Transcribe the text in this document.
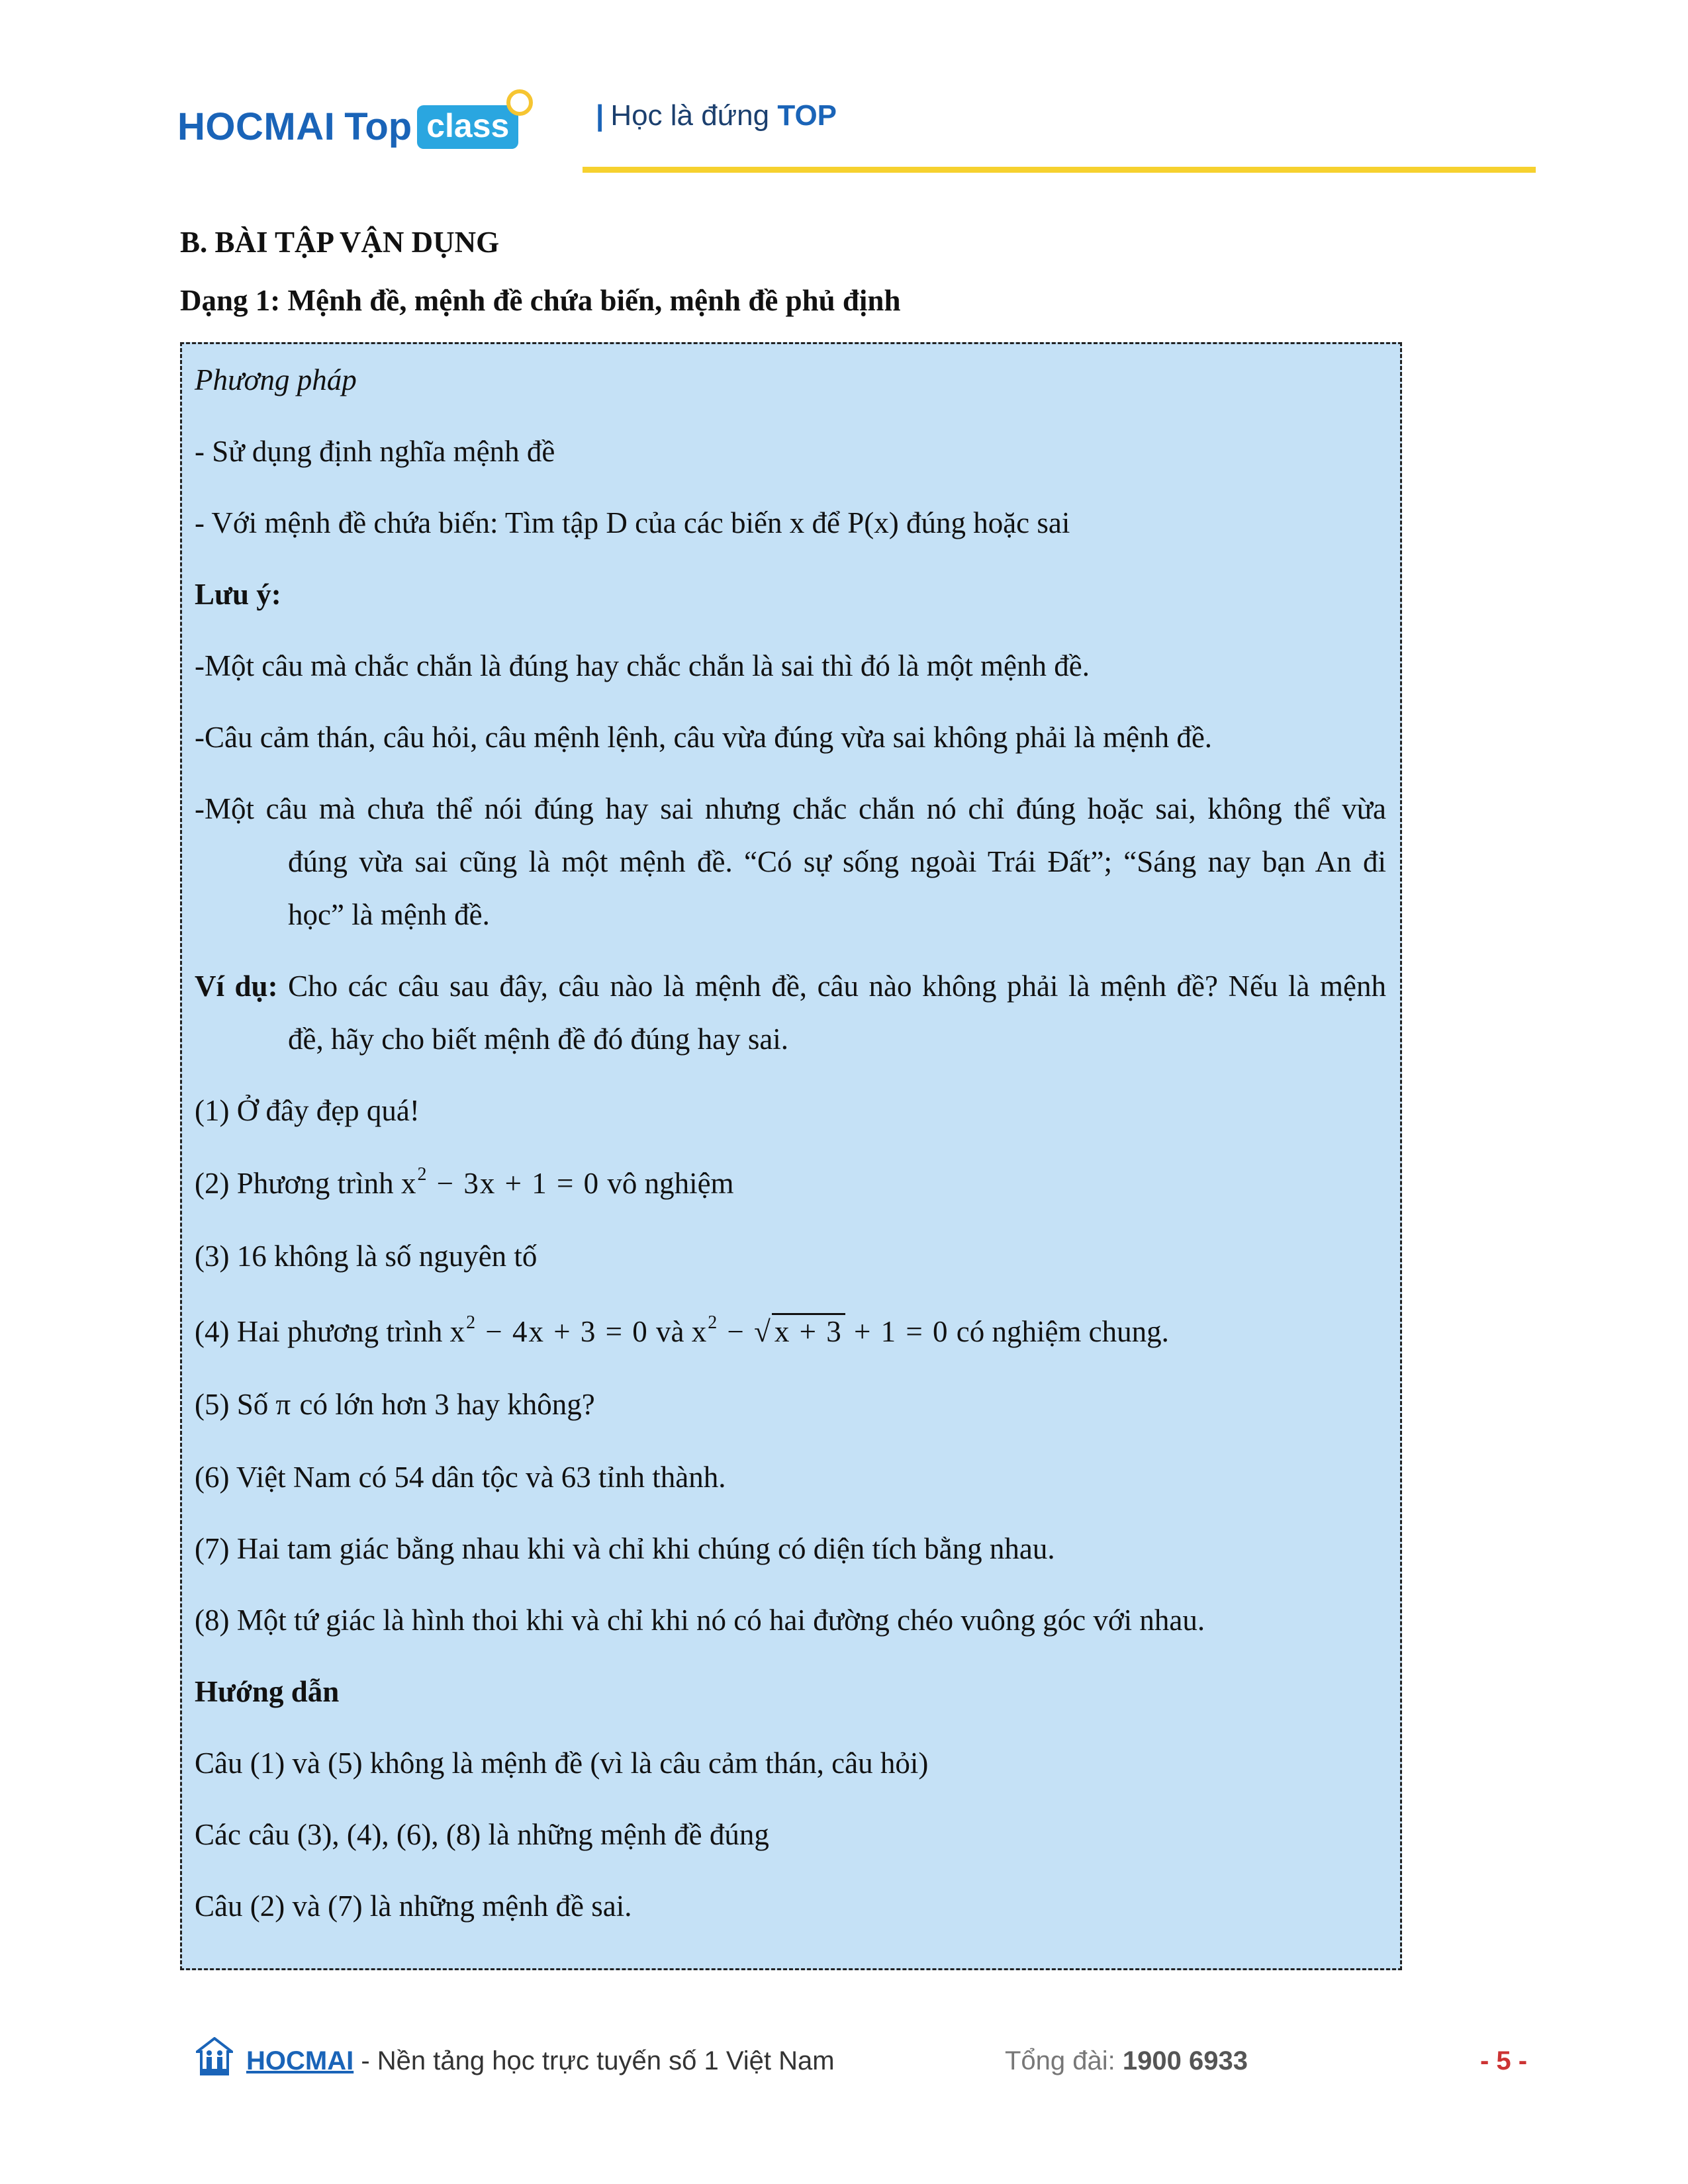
HOCMAI Top class	| Học là đứng TOP
B. BÀI TẬP VẬN DỤNG
Dạng 1: Mệnh đề, mệnh đề chứa biến, mệnh đề phủ định
Phương pháp
- Sử dụng định nghĩa mệnh đề
- Với mệnh đề chứa biến: Tìm tập D của các biến x để P(x) đúng hoặc sai
Lưu ý:
-Một câu mà chắc chắn là đúng hay chắc chắn là sai thì đó là một mệnh đề.
-Câu cảm thán, câu hỏi, câu mệnh lệnh, câu vừa đúng vừa sai không phải là mệnh đề.
-Một câu mà chưa thể nói đúng hay sai nhưng chắc chắn nó chỉ đúng hoặc sai, không thể vừa
đúng vừa sai cũng là một mệnh đề. “Có sự sống ngoài Trái Đất”; “Sáng nay bạn An đi
học” là mệnh đề.
Ví dụ: Cho các câu sau đây, câu nào là mệnh đề, câu nào không phải là mệnh đề? Nếu là mệnh
đề, hãy cho biết mệnh đề đó đúng hay sai.
(1) Ở đây đẹp quá!
(2) Phương trình $x^2 - 3x + 1 = 0$ vô nghiệm
(3) 16 không là số nguyên tố
(4) Hai phương trình $x^2 - 4x + 3 = 0$ và $x^2 - √x + 3 + 1 = 0$ có nghiệm chung.
(5) Số π có lớn hơn 3 hay không?
(6) Việt Nam có 54 dân tộc và 63 tỉnh thành.
(7) Hai tam giác bằng nhau khi và chỉ khi chúng có diện tích bằng nhau.
(8) Một tứ giác là hình thoi khi và chỉ khi nó có hai đường chéo vuông góc với nhau.
Hướng dẫn
Câu (1) và (5) không là mệnh đề (vì là câu cảm thán, câu hỏi)
Các câu (3), (4), (6), (8) là những mệnh đề đúng
Câu (2) và (7) là những mệnh đề sai.
HOCMAI - Nền tảng học trực tuyến số 1 Việt Nam	Tổng đài: 1900 6933	- 5 -
